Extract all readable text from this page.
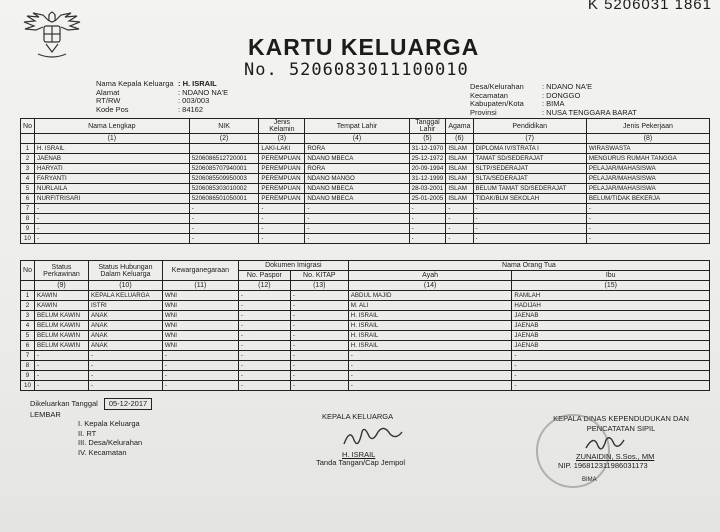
K 5206031 1861
KARTU KELUARGA
No. 5206083011100010
Nama Kepala Keluarga : H. ISRAIL
Alamat	: NDANO NA'E
RT/RW	: 003/003
Kode Pos	: 84162
Desa/Kelurahan	: NDANO NA'E
Kecamatan	: DONGGO
Kabupaten/Kota	: BIMA
Provinsi	: NUSA TENGGARA BARAT
No	Nama Lengkap	NIK	Jenis Kelamin	Tempat Lahir	Tanggal Lahir	Agama	Pendidikan	Jenis Pekerjaan
	(1)	(2)	(3)	(4)	(5)	(6)	(7)	(8)
1	H. ISRAIL		LAKI-LAKI	RORA	31-12-1970	ISLAM	DIPLOMA IV/STRATA I	WIRASWASTA
2	JAENAB	5206086512720001	PEREMPUAN	NDANO MBECA	25-12-1972	ISLAM	TAMAT SD/SEDERAJAT	MENGURUS RUMAH TANGGA
3	HARYATI	5206085707940001	PEREMPUAN	RORA	20-09-1994	ISLAM	SLTP/SEDERAJAT	PELAJAR/MAHASISWA
4	FARYANTI	5206085509950003	PEREMPUAN	NDANO MANGO	31-12-1999	ISLAM	SLTA/SEDERAJAT	PELAJAR/MAHASISWA
5	NURLAILA	5206085303010002	PEREMPUAN	NDANO MBECA	28-03-2001	ISLAM	BELUM TAMAT SD/SEDERAJAT	PELAJAR/MAHASISWA
6	NURFITRISARI	5206086501050001	PEREMPUAN	NDANO MBECA	25-01-2005	ISLAM	TIDAK/BLM SEKOLAH	BELUM/TIDAK BEKERJA
7	-	-	-	-	-	-	-	-
8	-	-	-	-	-	-	-	-
9	-	-	-	-	-	-	-	-
10	-	-	-	-	-	-	-	-
No	Status Perkawinan	Status Hubungan Dalam Keluarga	Kewarganegaraan	Dokumen Imigrasi		Nama Orang Tua	
				No. Paspor	No. KITAP	Ayah	Ibu
	(9)	(10)	(11)	(12)	(13)	(14)	(15)
1	KAWIN	KEPALA KELUARGA	WNI	-	-	ABDUL MAJID	RAMLAH
2	KAWIN	ISTRI	WNI	-	-	M. ALI	HADIJAH
3	BELUM KAWIN	ANAK	WNI	-	-	H. ISRAIL	JAENAB
4	BELUM KAWIN	ANAK	WNI	-	-	H. ISRAIL	JAENAB
5	BELUM KAWIN	ANAK	WNI	-	-	H. ISRAIL	JAENAB
6	BELUM KAWIN	ANAK	WNI	-	-	H. ISRAIL	JAENAB
7	-	-	-	-	-	-	-
8	-	-	-	-	-	-	-
9	-	-	-	-	-	-	-
10	-	-	-	-	-	-	-
Dikeluarkan Tanggal 05-12-2017
LEMBAR
I. Kepala Keluarga
II. RT
III. Desa/Kelurahan
IV. Kecamatan
KEPALA KELUARGA
H. ISRAIL
Tanda Tangan/Cap Jempol
KEPALA DINAS KEPENDUDUKAN DAN PENCATATAN SIPIL
BIMA
ZUNAIDIN, S.Sos., MM
NIP. 196812311986031173
